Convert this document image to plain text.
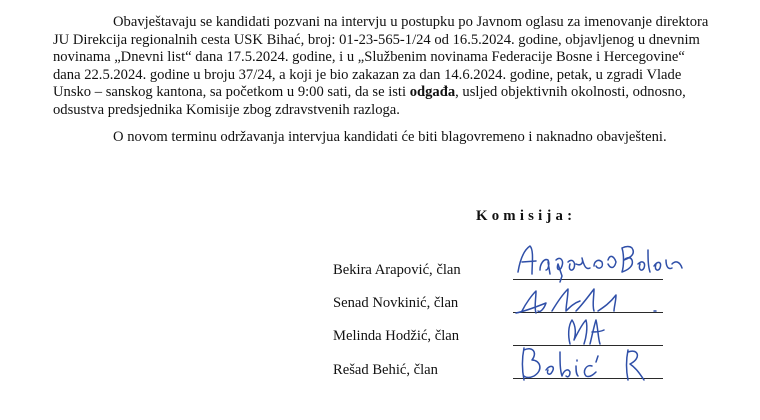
Obavještavaju se kandidati pozvani na intervju u postupku po Javnom oglasu za imenovanje direktora
JU Direkcija regionalnih cesta USK Bihać, broj: 01-23-565-1/24 od 16.5.2024. godine, objavljenog u dnevnim
novinama „Dnevni list“ dana 17.5.2024. godine, i u „Službenim novinama Federacije Bosne i Hercegovine“
dana 22.5.2024. godine u broju 37/24, a koji je bio zakazan za dan 14.6.2024. godine, petak, u zgradi Vlade
Unsko – sanskog kantona, sa početkom u 9:00 sati, da se isti odgađa, usljed objektivnih okolnosti, odnosno,
odsustva predsjednika Komisije zbog zdravstvenih razloga.
O novom terminu održavanja intervjua kandidati će biti blagovremeno i naknadno obavješteni.
Komisija:
Bekira Arapović, član
Senad Novkinić, član
Melinda Hodžić, član
Rešad Behić, član
